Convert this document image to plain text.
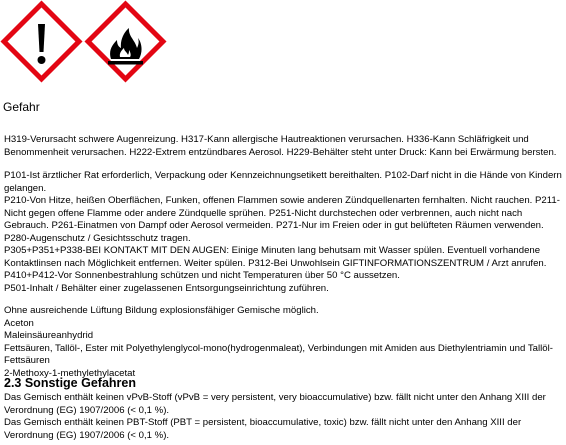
Gefahr
H319-Verursacht schwere Augenreizung. H317-Kann allergische Hautreaktionen verursachen. H336-Kann Schläfrigkeit und
Benommenheit verursachen. H222-Extrem entzündbares Aerosol. H229-Behälter steht unter Druck: Kann bei Erwärmung bersten.
P101-Ist ärztlicher Rat erforderlich, Verpackung oder Kennzeichnungsetikett bereithalten. P102-Darf nicht in die Hände von Kindern
gelangen.
P210-Von Hitze, heißen Oberflächen, Funken, offenen Flammen sowie anderen Zündquellenarten fernhalten. Nicht rauchen. P211-
Nicht gegen offene Flamme oder andere Zündquelle sprühen. P251-Nicht durchstechen oder verbrennen, auch nicht nach
Gebrauch. P261-Einatmen von Dampf oder Aerosol vermeiden. P271-Nur im Freien oder in gut belüfteten Räumen verwenden.
P280-Augenschutz / Gesichtsschutz tragen.
P305+P351+P338-BEI KONTAKT MIT DEN AUGEN: Einige Minuten lang behutsam mit Wasser spülen. Eventuell vorhandene
Kontaktlinsen nach Möglichkeit entfernen. Weiter spülen. P312-Bei Unwohlsein GIFTINFORMATIONSZENTRUM / Arzt anrufen.
P410+P412-Vor Sonnenbestrahlung schützen und nicht Temperaturen über 50 °C aussetzen.
P501-Inhalt / Behälter einer zugelassenen Entsorgungseinrichtung zuführen.
Ohne ausreichende Lüftung Bildung explosionsfähiger Gemische möglich.
Aceton
Maleinsäureanhydrid
Fettsäuren, Tallöl-, Ester mit Polyethylenglycol-mono(hydrogenmaleat), Verbindungen mit Amiden aus Diethylentriamin und Tallöl-
Fettsäuren
2-Methoxy-1-methylethylacetat
2.3 Sonstige Gefahren
Das Gemisch enthält keinen vPvB-Stoff (vPvB = very persistent, very bioaccumulative) bzw. fällt nicht unter den Anhang XIII der
Verordnung (EG) 1907/2006 (< 0,1 %).
Das Gemisch enthält keinen PBT-Stoff (PBT = persistent, bioaccumulative, toxic) bzw. fällt nicht unter den Anhang XIII der
Verordnung (EG) 1907/2006 (< 0,1 %).
